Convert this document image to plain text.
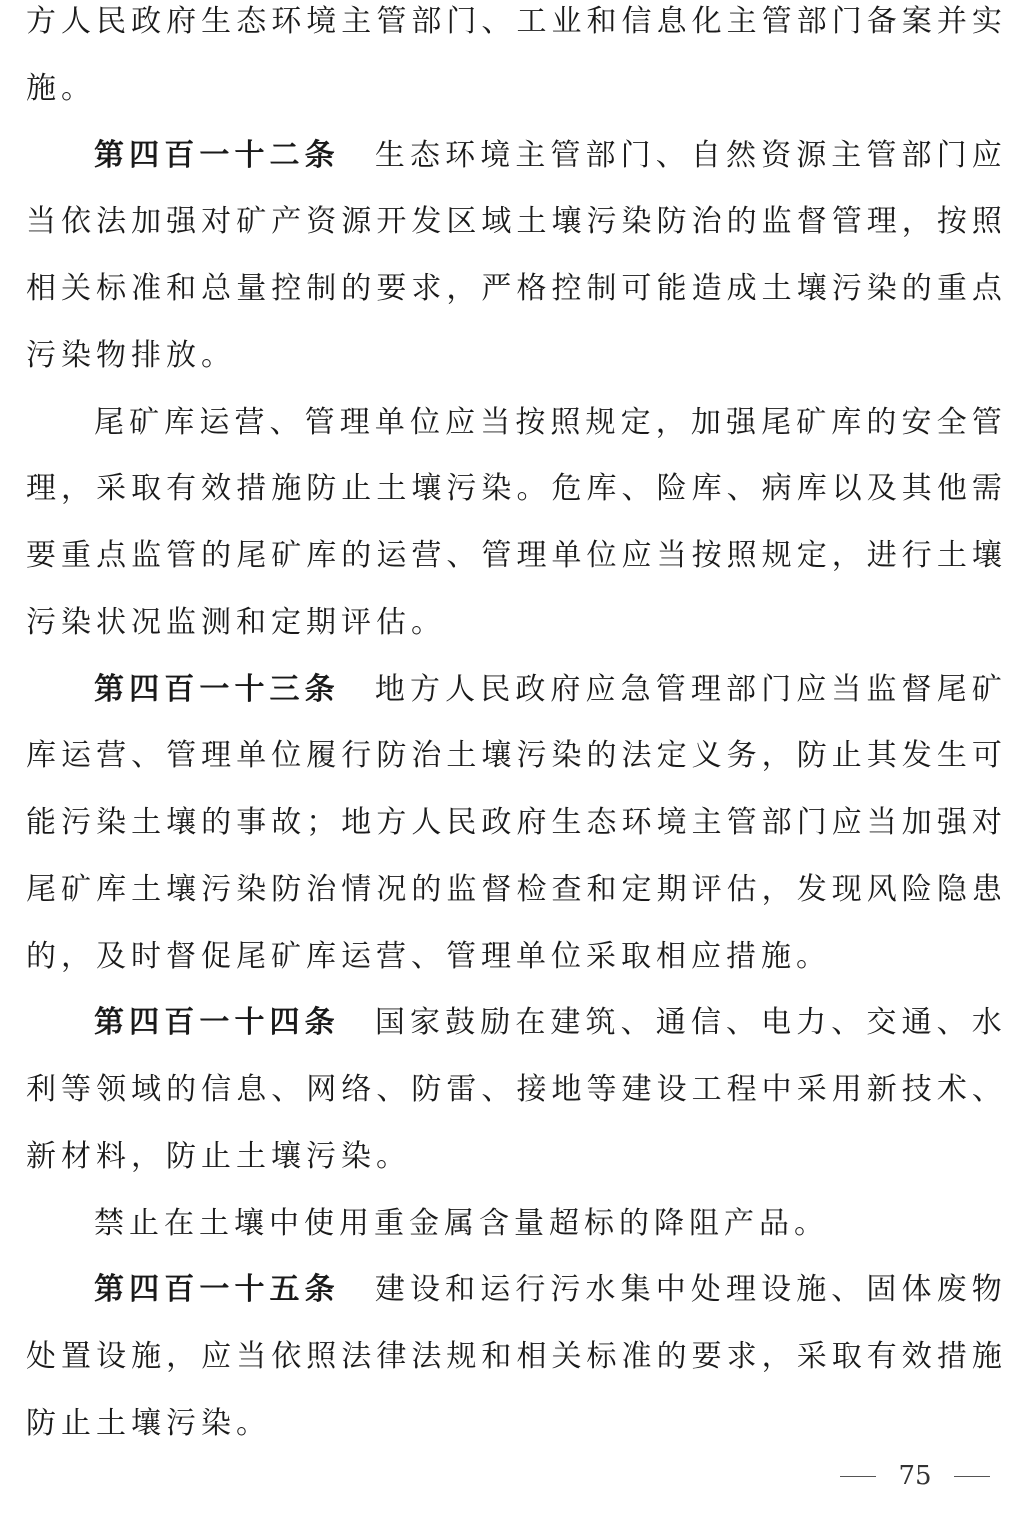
方 人 民 政 府 生 态 环 境 主 管 部 门 、 工 业 和 信 息 化 主 管 部 门 备 案 并 实
施 。
第 四 百 一 十 二 条 生 态 环 境 主 管 部 门 、 自 然 资 源 主 管 部 门 应
当 依 法 加 强 对 矿 产 资 源 开 发 区 域 土 壤 污 染 防 治 的 监 督 管 理 ， 按 照
相 关 标 准 和 总 量 控 制 的 要 求 ， 严 格 控 制 可 能 造 成 土 壤 污 染 的 重 点
污 染 物 排 放 。
尾 矿 库 运 营 、 管 理 单 位 应 当 按 照 规 定 ， 加 强 尾 矿 库 的 安 全 管
理 ， 采 取 有 效 措 施 防 止 土 壤 污 染 。 危 库 、 险 库 、 病 库 以 及 其 他 需
要 重 点 监 管 的 尾 矿 库 的 运 营 、 管 理 单 位 应 当 按 照 规 定 ， 进 行 土 壤
污 染 状 况 监 测 和 定 期 评 估 。
第 四 百 一 十 三 条 地 方 人 民 政 府 应 急 管 理 部 门 应 当 监 督 尾 矿
库 运 营 、 管 理 单 位 履 行 防 治 土 壤 污 染 的 法 定 义 务 ， 防 止 其 发 生 可
能 污 染 土 壤 的 事 故 ； 地 方 人 民 政 府 生 态 环 境 主 管 部 门 应 当 加 强 对
尾 矿 库 土 壤 污 染 防 治 情 况 的 监 督 检 查 和 定 期 评 估 ， 发 现 风 险 隐 患
的 ， 及 时 督 促 尾 矿 库 运 营 、 管 理 单 位 采 取 相 应 措 施 。
第 四 百 一 十 四 条 国 家 鼓 励 在 建 筑 、 通 信 、 电 力 、 交 通 、 水
利 等 领 域 的 信 息 、 网 络 、 防 雷 、 接 地 等 建 设 工 程 中 采 用 新 技 术 、
新 材 料 ， 防 止 土 壤 污 染 。
禁 止 在 土 壤 中 使 用 重 金 属 含 量 超 标 的 降 阻 产 品 。
第 四 百 一 十 五 条 建 设 和 运 行 污 水 集 中 处 理 设 施 、 固 体 废 物
处 置 设 施 ， 应 当 依 照 法 律 法 规 和 相 关 标 准 的 要 求 ， 采 取 有 效 措 施
防 止 土 壤 污 染 。
75
